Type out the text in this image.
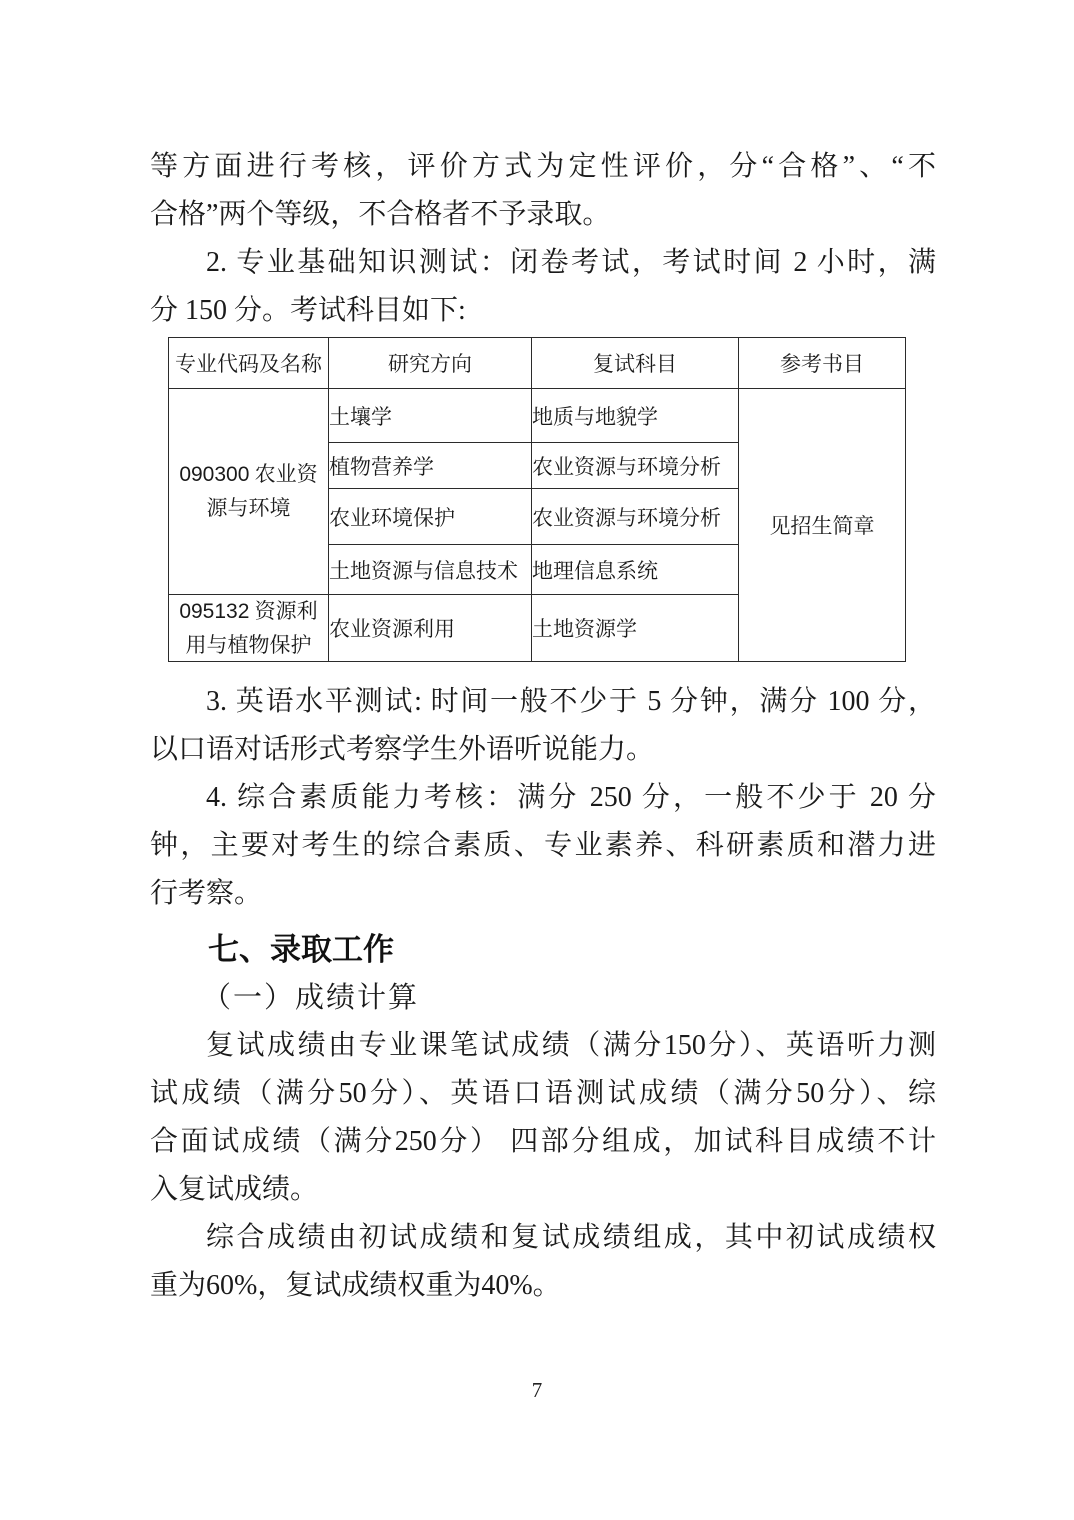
等方面进行考核，评价方式为定性评价，分“合格”、“不
合格”两个等级，不合格者不予录取。
2. 专业基础知识测试：闭卷考试，考试时间 2 小时，满
分 150 分。考试科目如下:
专业代码及名称	研究方向	复试科目	参考书目
090300 农业资源与环境	土壤学	地质与地貌学	见招生简章
	植物营养学	农业资源与环境分析	
	农业环境保护	农业资源与环境分析	
	土地资源与信息技术	地理信息系统	
095132 资源利用与植物保护	农业资源利用	土地资源学	
3. 英语水平测试: 时间一般不少于 5 分钟，满分 100 分，
以口语对话形式考察学生外语听说能力。
4. 综合素质能力考核：满分 250 分，一般不少于 20 分
钟，主要对考生的综合素质、专业素养、科研素质和潜力进
行考察。
七、录取工作
（一）成绩计算
复试成绩由专业课笔试成绩（满分150分）、英语听力测
试成绩（满分50分）、英语口语测试成绩（满分50分）、综
合面试成绩（满分250分） 四部分组成，加试科目成绩不计
入复试成绩。
综合成绩由初试成绩和复试成绩组成，其中初试成绩权
重为60%，复试成绩权重为40%。
7
